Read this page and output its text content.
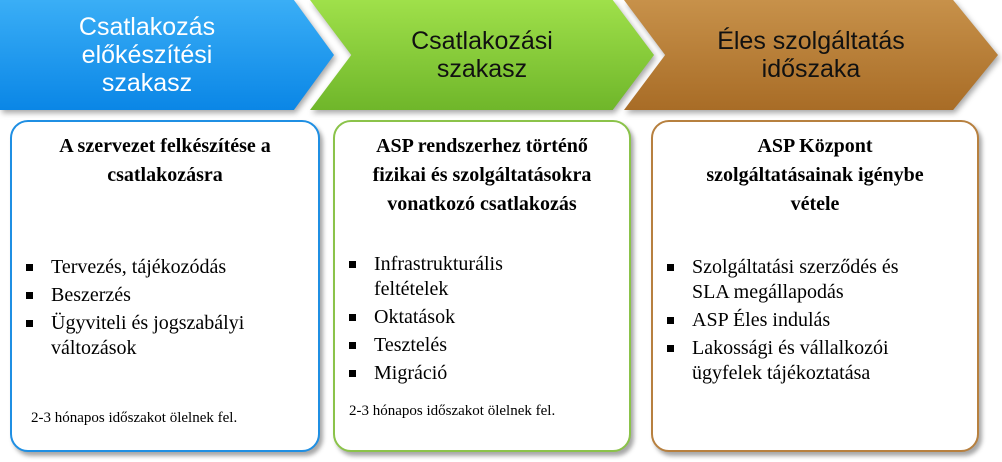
Csatlakozás
előkészítési
szakasz
Csatlakozási
szakasz
Éles szolgáltatás
időszaka
A szervezet felkészítése a
csatlakozásra
Tervezés, tájékozódás
Beszerzés
Ügyviteli és jogszabályi
változások
2-3 hónapos időszakot ölelnek fel.
ASP rendszerhez történő
fizikai és szolgáltatásokra
vonatkozó csatlakozás
Infrastrukturális
feltételek
Oktatások
Tesztelés
Migráció
2-3 hónapos időszakot ölelnek fel.
ASP Központ
szolgáltatásainak igénybe
vétele
Szolgáltatási szerződés és
SLA megállapodás
ASP Éles indulás
Lakossági és vállalkozói
ügyfelek tájékoztatása
